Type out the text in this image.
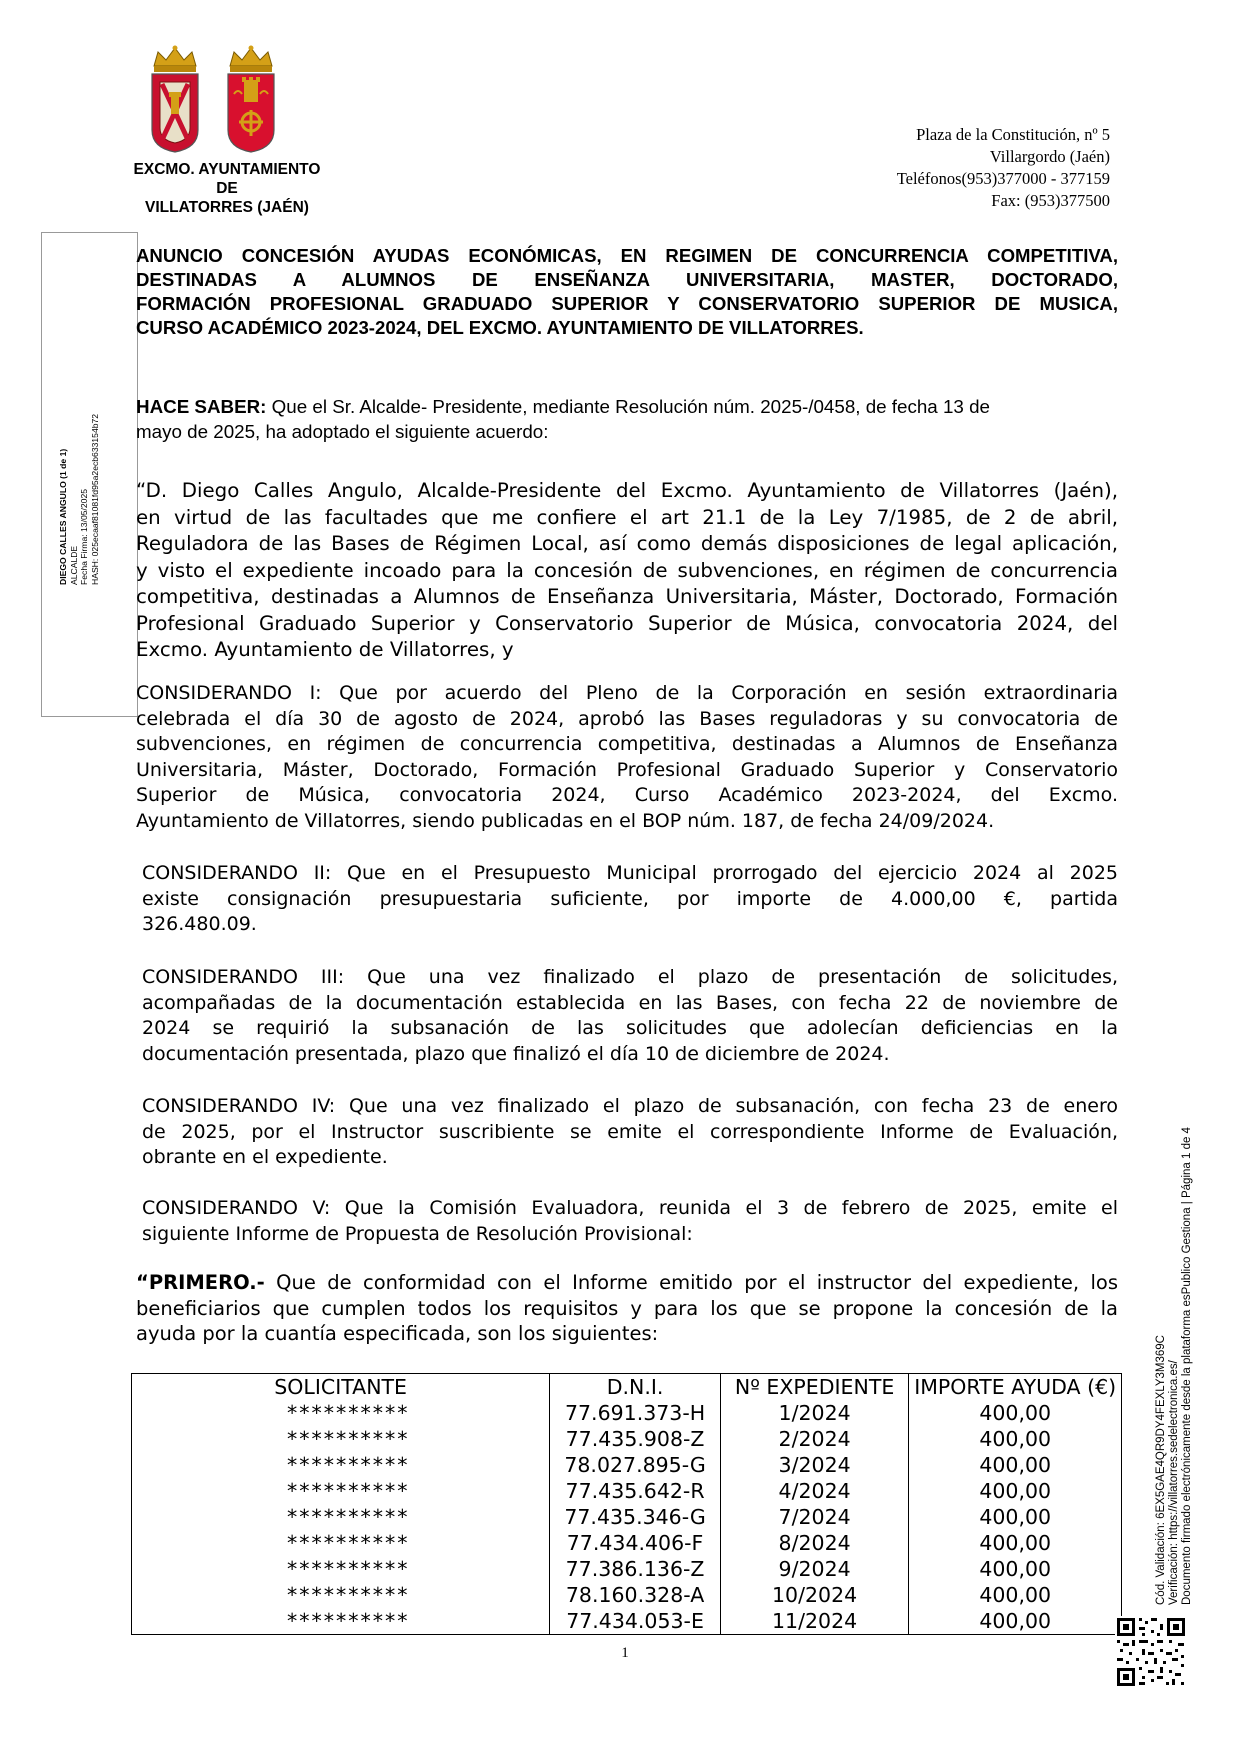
EXCMO. AYUNTAMIENTO
DE
VILLATORRES (JAÉN)
Plaza de la Constitución, nº 5
Villargordo (Jaén)
Teléfonos(953)377000 - 377159
Fax: (953)377500
DIEGO CALLES ANGULO (1 de 1) ALCALDE Fecha Firma: 13/05/2025 HASH: 025ecaaf81081fd95a2ecb633154b72
ANUNCIO CONCESIÓN AYUDAS ECONÓMICAS, EN REGIMEN DE CONCURRENCIA COMPETITIVA,
DESTINADAS A ALUMNOS DE ENSEÑANZA UNIVERSITARIA, MASTER, DOCTORADO,
FORMACIÓN PROFESIONAL GRADUADO SUPERIOR Y CONSERVATORIO SUPERIOR DE MUSICA,
CURSO ACADÉMICO 2023-2024, DEL EXCMO. AYUNTAMIENTO DE VILLATORRES.
HACE SABER: Que el Sr. Alcalde- Presidente, mediante Resolución núm. 2025-/0458, de fecha 13 de
mayo de 2025, ha adoptado el siguiente acuerdo:
“D. Diego Calles Angulo, Alcalde-Presidente del Excmo. Ayuntamiento de Villatorres (Jaén),
en virtud de las facultades que me confiere el art 21.1 de la Ley 7/1985, de 2 de abril,
Reguladora de las Bases de Régimen Local, así como demás disposiciones de legal aplicación,
y visto el expediente incoado para la concesión de subvenciones, en régimen de concurrencia
competitiva, destinadas a Alumnos de Enseñanza Universitaria, Máster, Doctorado, Formación
Profesional Graduado Superior y Conservatorio Superior de Música, convocatoria 2024, del
Excmo. Ayuntamiento de Villatorres, y
CONSIDERANDO I: Que por acuerdo del Pleno de la Corporación en sesión extraordinaria
celebrada el día 30 de agosto de 2024, aprobó las Bases reguladoras y su convocatoria de
subvenciones, en régimen de concurrencia competitiva, destinadas a Alumnos de Enseñanza
Universitaria, Máster, Doctorado, Formación Profesional Graduado Superior y Conservatorio
Superior de Música, convocatoria 2024, Curso Académico 2023-2024, del Excmo.
Ayuntamiento de Villatorres, siendo publicadas en el BOP núm. 187, de fecha 24/09/2024.
CONSIDERANDO II: Que en el Presupuesto Municipal prorrogado del ejercicio 2024 al 2025
existe consignación presupuestaria suficiente, por importe de 4.000,00 €, partida
326.480.09.
CONSIDERANDO III: Que una vez finalizado el plazo de presentación de solicitudes,
acompañadas de la documentación establecida en las Bases, con fecha 22 de noviembre de
2024 se requirió la subsanación de las solicitudes que adolecían deficiencias en la
documentación presentada, plazo que finalizó el día 10 de diciembre de 2024.
CONSIDERANDO IV: Que una vez finalizado el plazo de subsanación, con fecha 23 de enero
de 2025, por el Instructor suscribiente se emite el correspondiente Informe de Evaluación,
obrante en el expediente.
CONSIDERANDO V: Que la Comisión Evaluadora, reunida el 3 de febrero de 2025, emite el
siguiente Informe de Propuesta de Resolución Provisional:
“PRIMERO.- Que de conformidad con el Informe emitido por el instructor del expediente, los
beneficiarios que cumplen todos los requisitos y para los que se propone la concesión de la
ayuda por la cuantía especificada, son los siguientes:
SOLICITANTE	D.N.I.	Nº EXPEDIENTE	IMPORTE AYUDA (€)
**********	77.691.373-H	1/2024	400,00
**********	77.435.908-Z	2/2024	400,00
**********	78.027.895-G	3/2024	400,00
**********	77.435.642-R	4/2024	400,00
**********	77.435.346-G	7/2024	400,00
**********	77.434.406-F	8/2024	400,00
**********	77.386.136-Z	9/2024	400,00
**********	78.160.328-A	10/2024	400,00
**********	77.434.053-E	11/2024	400,00
1
Cód. Validación: 6EX5GAE4QR9DY4FEXLY3M369C Verificación: https://villatorres.sedelectronica.es/ Documento firmado electrónicamente desde la plataforma esPublico Gestiona | Página 1 de 4
